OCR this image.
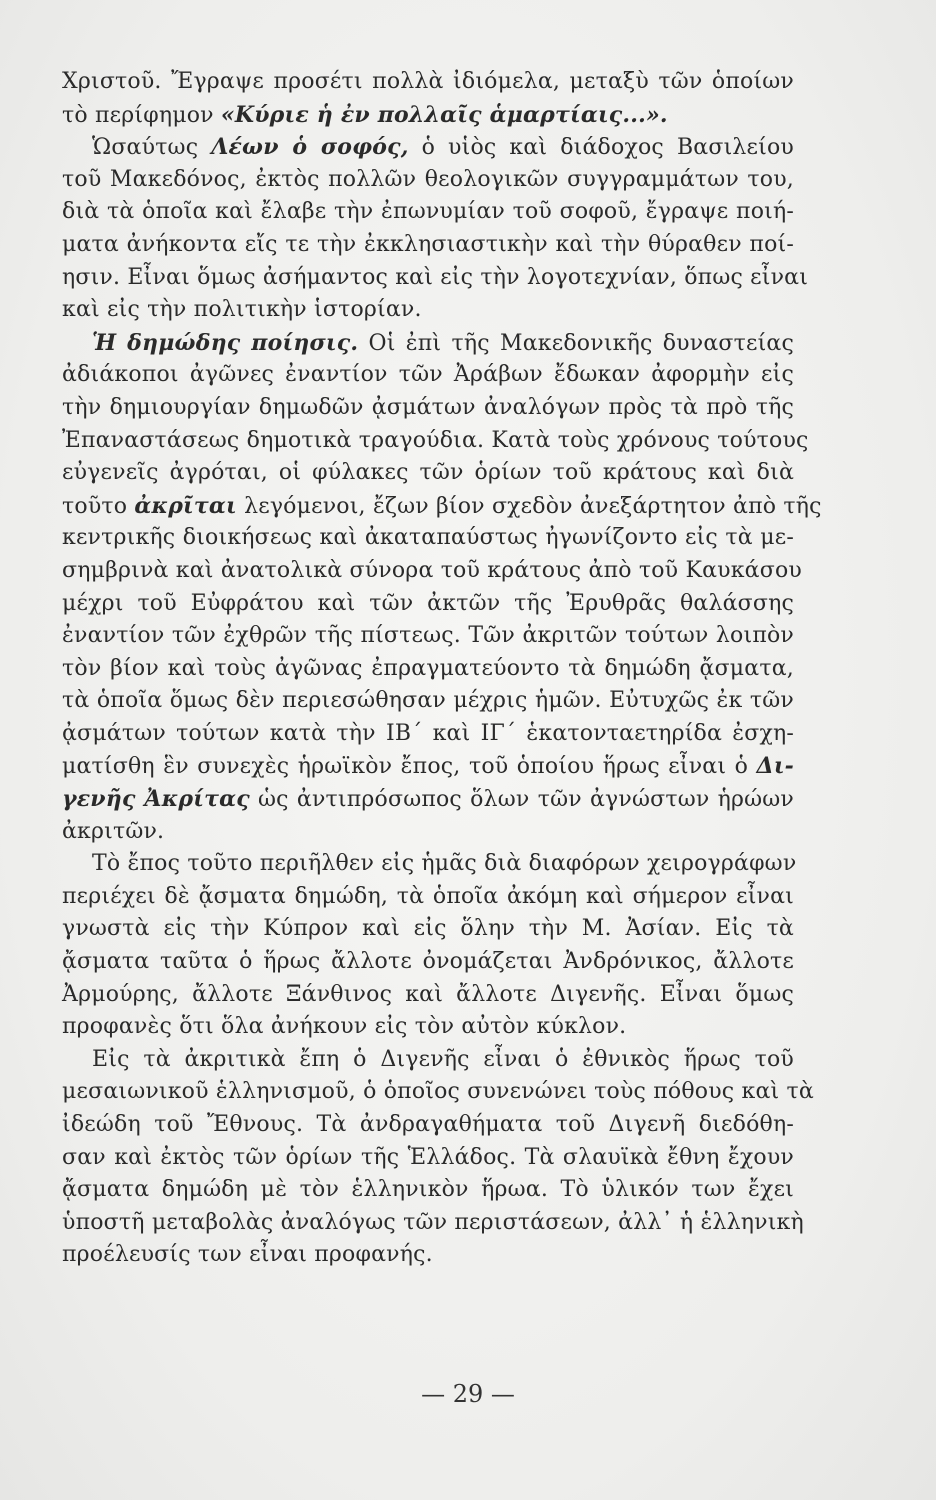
Χριστοῦ. Ἔγραψε προσέτι πολλὰ ἰδιόμελα, μεταξὺ τῶν ὁποίων
τὸ περίφημον «Κύριε ἡ ἐν πολλαῖς ἁμαρτίαις...».
Ὡσαύτως Λέων ὁ σοφός, ὁ υἱὸς καὶ διάδοχος Βασιλείου
τοῦ Μακεδόνος, ἐκτὸς πολλῶν θεολογικῶν συγγραμμάτων του,
διὰ τὰ ὁποῖα καὶ ἔλαβε τὴν ἐπωνυμίαν τοῦ σοφοῦ, ἔγραψε ποιή-
ματα ἀνήκοντα εἴς τε τὴν ἐκκλησιαστικὴν καὶ τὴν θύραθεν ποί-
ησιν. Εἶναι ὅμως ἀσήμαντος καὶ εἰς τὴν λογοτεχνίαν, ὅπως εἶναι
καὶ εἰς τὴν πολιτικὴν ἱστορίαν.
Ἡ δημώδης ποίησις. Οἱ ἐπὶ τῆς Μακεδονικῆς δυναστείας
ἀδιάκοποι ἀγῶνες ἐναντίον τῶν Ἀράβων ἔδωκαν ἀφορμὴν εἰς
τὴν δημιουργίαν δημωδῶν ᾀσμάτων ἀναλόγων πρὸς τὰ πρὸ τῆς
Ἐπαναστάσεως δημοτικὰ τραγούδια. Κατὰ τοὺς χρόνους τούτους
εὐγενεῖς ἀγρόται, οἱ φύλακες τῶν ὁρίων τοῦ κράτους καὶ διὰ
τοῦτο ἀκρῖται λεγόμενοι, ἔζων βίον σχεδὸν ἀνεξάρτητον ἀπὸ τῆς
κεντρικῆς διοικήσεως καὶ ἀκαταπαύστως ἠγωνίζοντο εἰς τὰ με-
σημβρινὰ καὶ ἀνατολικὰ σύνορα τοῦ κράτους ἀπὸ τοῦ Καυκάσου
μέχρι τοῦ Εὐφράτου καὶ τῶν ἀκτῶν τῆς Ἐρυθρᾶς θαλάσσης
ἐναντίον τῶν ἐχθρῶν τῆς πίστεως. Τῶν ἀκριτῶν τούτων λοιπὸν
τὸν βίον καὶ τοὺς ἀγῶνας ἐπραγματεύοντο τὰ δημώδη ᾄσματα,
τὰ ὁποῖα ὅμως δὲν περιεσώθησαν μέχρις ἡμῶν. Εὐτυχῶς ἐκ τῶν
ᾀσμάτων τούτων κατὰ τὴν ΙΒ΄ καὶ ΙΓ΄ ἑκατονταετηρίδα ἐσχη-
ματίσθη ἓν συνεχὲς ἡρωϊκὸν ἔπος, τοῦ ὁποίου ἥρως εἶναι ὁ Δι-
γενῆς Ἀκρίτας ὡς ἀντιπρόσωπος ὅλων τῶν ἀγνώστων ἡρώων
ἀκριτῶν.
Τὸ ἔπος τοῦτο περιῆλθεν εἰς ἡμᾶς διὰ διαφόρων χειρογράφων
περιέχει δὲ ᾄσματα δημώδη, τὰ ὁποῖα ἀκόμη καὶ σήμερον εἶναι
γνωστὰ εἰς τὴν Κύπρον καὶ εἰς ὅλην τὴν Μ. Ἀσίαν. Εἰς τὰ
ᾄσματα ταῦτα ὁ ἥρως ἄλλοτε ὀνομάζεται Ἀνδρόνικος, ἄλλοτε
Ἀρμούρης, ἄλλοτε Ξάνθινος καὶ ἄλλοτε Διγενῆς. Εἶναι ὅμως
προφανὲς ὅτι ὅλα ἀνήκουν εἰς τὸν αὐτὸν κύκλον.
Εἰς τὰ ἀκριτικὰ ἔπη ὁ Διγενῆς εἶναι ὁ ἐθνικὸς ἥρως τοῦ
μεσαιωνικοῦ ἑλληνισμοῦ, ὁ ὁποῖος συνενώνει τοὺς πόθους καὶ τὰ
ἰδεώδη τοῦ Ἔθνους. Τὰ ἀνδραγαθήματα τοῦ Διγενῆ διεδόθη-
σαν καὶ ἐκτὸς τῶν ὁρίων τῆς Ἑλλάδος. Τὰ σλαυϊκὰ ἔθνη ἔχουν
ᾄσματα δημώδη μὲ τὸν ἑλληνικὸν ἥρωα. Τὸ ὑλικόν των ἔχει
ὑποστῆ μεταβολὰς ἀναλόγως τῶν περιστάσεων, ἀλλ᾽ ἡ ἑλληνικὴ
προέλευσίς των εἶναι προφανής.
— 29 —
